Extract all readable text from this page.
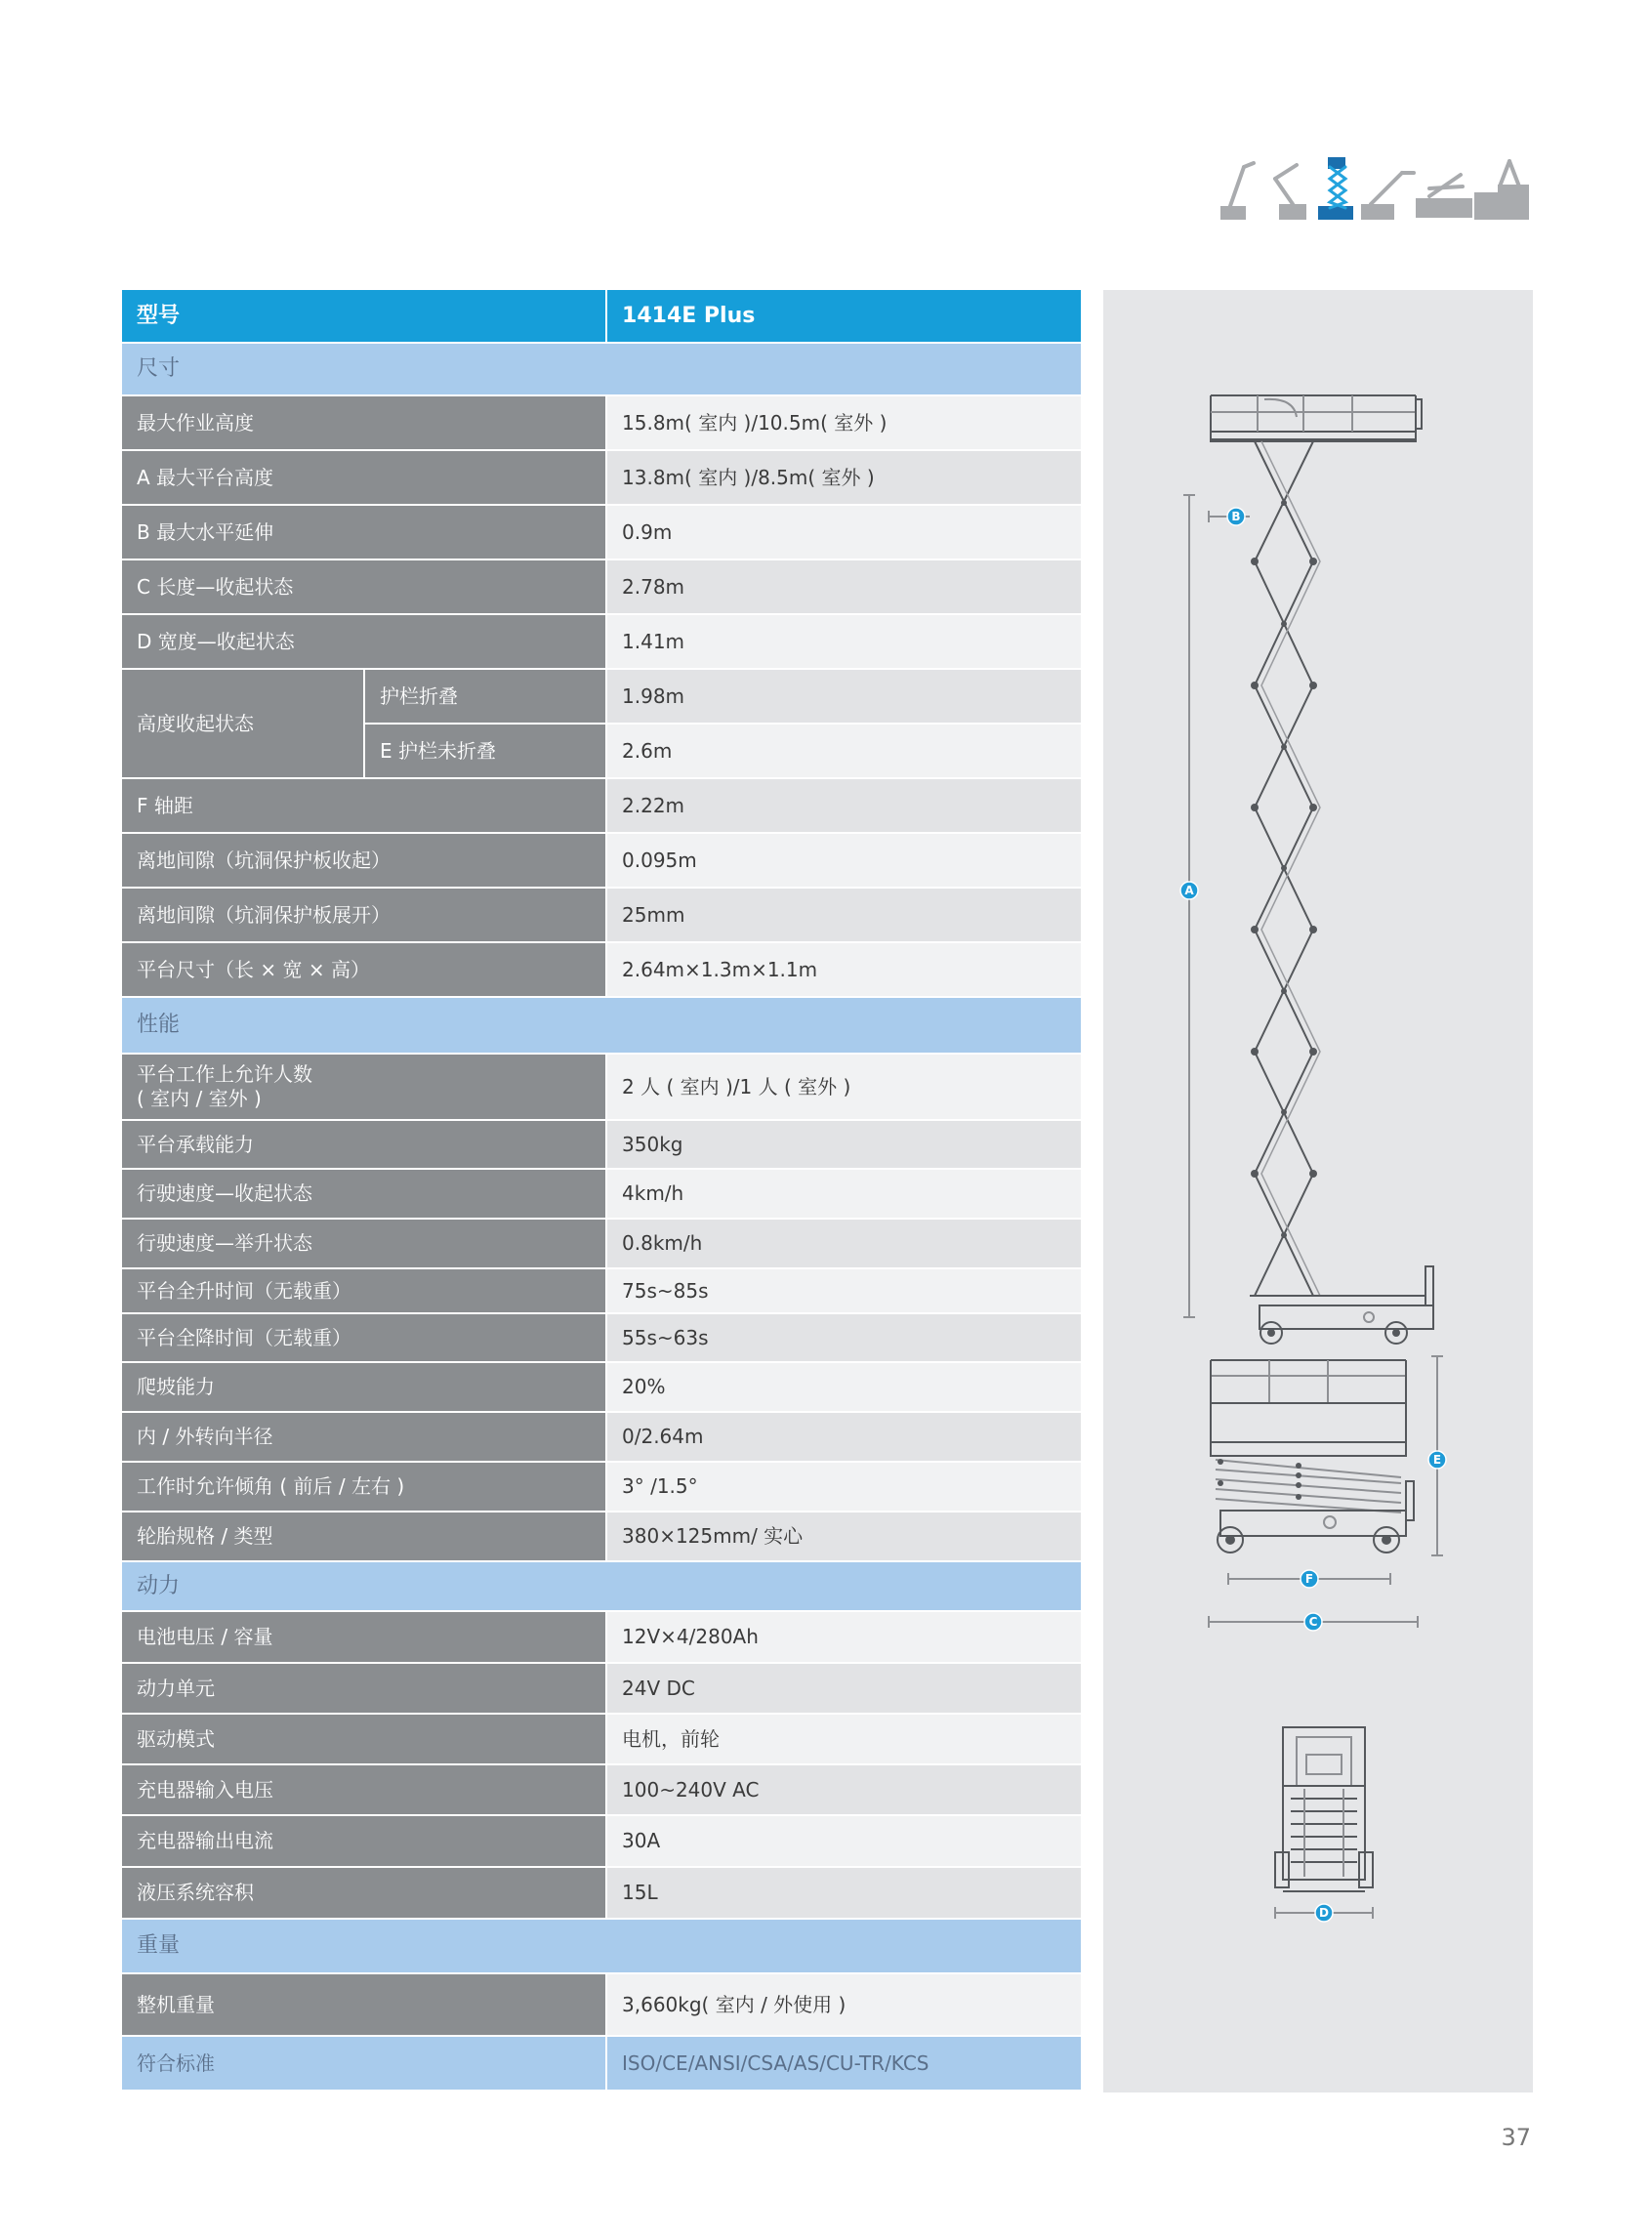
型号		1414E Plus
尺寸		
最大作业高度		15.8m( 室内 )/10.5m( 室外 )
A 最大平台高度		13.8m( 室内 )/8.5m( 室外 )
B 最大水平延伸		0.9m
C 长度—收起状态		2.78m
D 宽度—收起状态		1.41m
高度收起状态	护栏折叠	1.98m
	E 护栏未折叠	2.6m
F 轴距		2.22m
离地间隙（坑洞保护板收起）		0.095m
离地间隙（坑洞保护板展开）		25mm
平台尺寸（长 × 宽 × 高）		2.64m×1.3m×1.1m
性能		

平台工作上允许人数
( 室内 / 室外 )		2 人 ( 室内 )/1 人 ( 室外 )
平台承载能力		350kg
行驶速度—收起状态		4km/h
行驶速度—举升状态		0.8km/h
平台全升时间（无载重）		75s~85s
平台全降时间（无载重）		55s~63s
爬坡能力		20%
内 / 外转向半径		0/2.64m
工作时允许倾角 ( 前后 / 左右 )		3° /1.5°
轮胎规格 / 类型		380×125mm/ 实心
动力		
电池电压 / 容量		12V×4/280Ah
动力单元		24V DC
驱动模式		电机，前轮
充电器输入电压		100~240V AC
充电器输出电流		30A
液压系统容积		15L
重量		
整机重量		3,660kg( 室内 / 外使用 )
符合标准		ISO/CE/ANSI/CSA/AS/CU-TR/KCS
A
B
E
F
C
D
37
